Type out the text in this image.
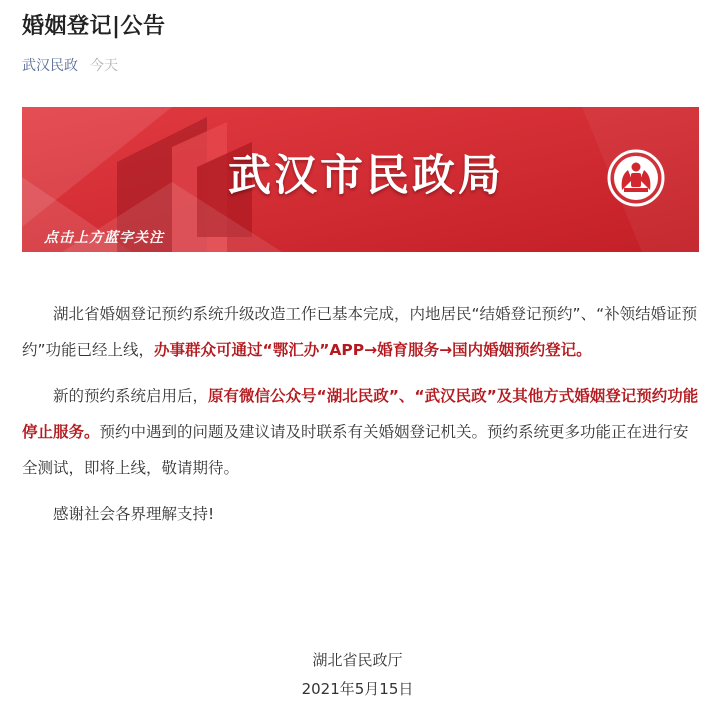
婚姻登记|公告
武汉民政 今天
武汉市民政局
点击上方蓝字关注

湖北省婚姻登记预约系统升级改造工作已基本完成，内地居民“结婚登记预约”、“补领结婚证预约”功能已经上线，办事群众可通过“鄂汇办”APP→婚育服务→国内婚姻预约登记。

新的预约系统启用后，原有微信公众号“湖北民政”、“武汉民政”及其他方式婚姻登记预约功能停止服务。预约中遇到的问题及建议请及时联系有关婚姻登记机关。预约系统更多功能正在进行安全测试，即将上线，敬请期待。

感谢社会各界理解支持!

湖北省民政厅
2021年5月15日
